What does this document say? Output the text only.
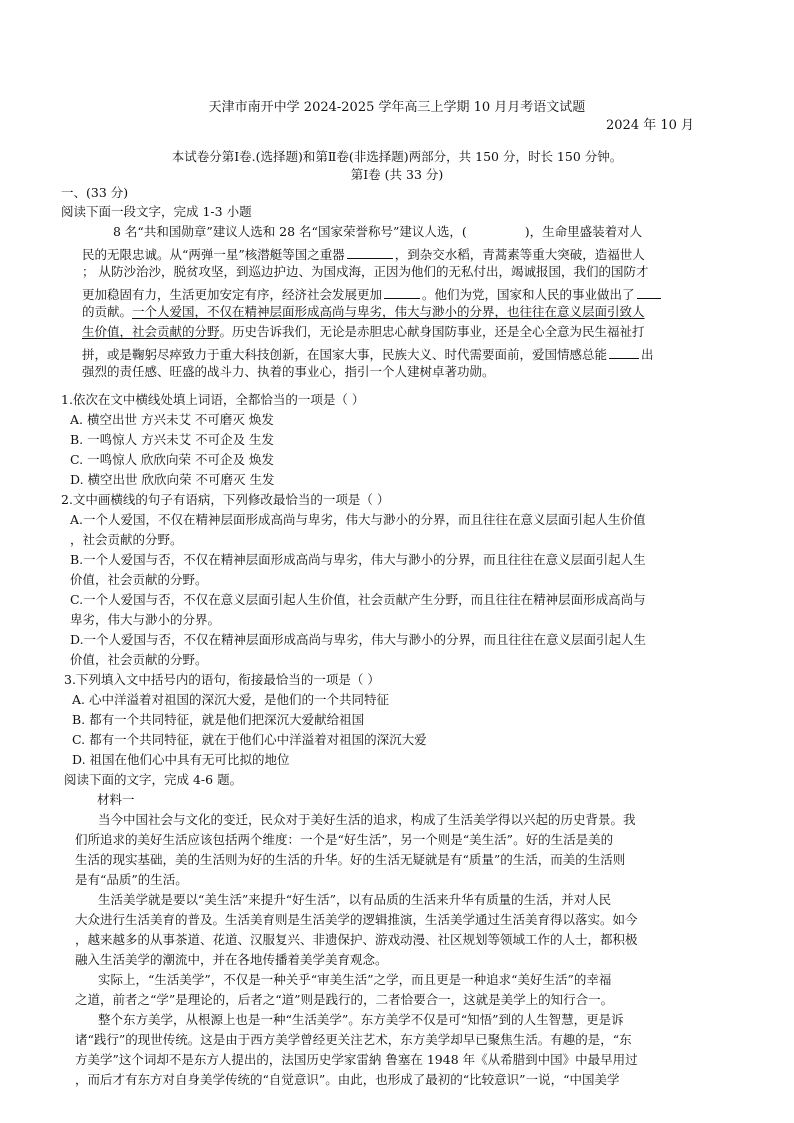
天津市南开中学 2024-2025 学年高三上学期 10 月月考语文试题
2024 年 10 月
本试卷分第Ⅰ卷.(选择题)和第Ⅱ卷(非选择题)两部分，共 150 分，时长 150 分钟。
第Ⅰ卷 (共 33 分)
一、(33 分)
阅读下面一段文字，完成 1-3 小题
8 名“共和国勋章”建议人选和 28 名“国家荣誉称号”建议人选，(	)，生命里盛装着对人
民的无限忠诚。从“两弹一星”核潜艇等国之重器	，到杂交水稻，青蒿素等重大突破，造福世人
； 从防沙治沙，脱贫攻坚，到巡边护边、为国戍海，正因为他们的无私付出，竭诚报国，我们的国防才
更加稳固有力，生活更加安定有序，经济社会发展更加	。他们为党，国家和人民的事业做出了
的贡献。一个人爱国，不仅在精神层面形成高尚与卑劣，伟大与渺小的分界，也往往在意义层面引致人
生价值，社会贡献的分野。历史告诉我们，无论是赤胆忠心献身国防事业，还是全心全意为民生福祉打
拼，或是鞠躬尽瘁致力于重大科技创新，在国家大事，民族大义、时代需要面前，爱国情感总能	出
强烈的责任感、旺盛的战斗力、执着的事业心，指引一个人建树卓著功勋。
1.依次在文中横线处填上词语，全都恰当的一项是（ ）
A. 横空出世 方兴未艾 不可磨灭 焕发
B. 一鸣惊人 方兴未艾 不可企及 生发
C. 一鸣惊人 欣欣向荣 不可企及 焕发
D. 横空出世 欣欣向荣 不可磨灭 生发
2.文中画横线的句子有语病，下列修改最恰当的一项是（ ）
A.一个人爱国，不仅在精神层面形成高尚与卑劣，伟大与渺小的分界，而且往往在意义层面引起人生价值
，社会贡献的分野。
B.一个人爱国与否，不仅在精神层面形成高尚与卑劣，伟大与渺小的分界，而且往往在意义层面引起人生
价值，社会贡献的分野。
C.一个人爱国与否，不仅在意义层面引起人生价值，社会贡献产生分野，而且往往在精神层面形成高尚与
卑劣，伟大与渺小的分界。
D.一个人爱国与否，不仅在精神层面形成高尚与卑劣，伟大与渺小的分界，而且往往在意义层面引起人生
价值，社会贡献的分野。
3.下列填入文中括号内的语句，衔接最恰当的一项是（ ）
A. 心中洋溢着对祖国的深沉大爱，是他们的一个共同特征
B. 都有一个共同特征，就是他们把深沉大爱献给祖国
C. 都有一个共同特征，就在于他们心中洋溢着对祖国的深沉大爱
D. 祖国在他们心中具有无可比拟的地位
阅读下面的文字，完成 4-6 题。
材料一
当今中国社会与文化的变迁，民众对于美好生活的追求，构成了生活美学得以兴起的历史背景。我
们所追求的美好生活应该包括两个维度：一个是“好生活”，另一个则是“美生活”。好的生活是美的
生活的现实基础，美的生活则为好的生活的升华。好的生活无疑就是有“质量”的生活，而美的生活则
是有“品质”的生活。
生活美学就是要以“美生活”来提升“好生活”，以有品质的生活来升华有质量的生活，并对人民
大众进行生活美育的普及。生活美育则是生活美学的逻辑推演，生活美学通过生活美育得以落实。如今
，越来越多的从事茶道、花道、汉服复兴、非遗保护、游戏动漫、社区规划等领域工作的人士，都积极
融入生活美学的潮流中，并在各地传播着美学美育观念。
实际上，“生活美学”，不仅是一种关乎“审美生活”之学，而且更是一种追求“美好生活”的幸福
之道，前者之“学”是理论的，后者之“道”则是践行的，二者恰要合一，这就是美学上的知行合一。
整个东方美学，从根源上也是一种“生活美学”。东方美学不仅是可“知悟”到的人生智慧，更是诉
诸“践行”的现世传统。这是由于西方美学曾经更关注艺术，东方美学却早已聚焦生活。有趣的是，“东
方美学”这个词却不是东方人提出的，法国历史学家雷納 鲁塞在 1948 年《从希腊到中国》中最早用过
，而后才有东方对自身美学传统的“自觉意识”。由此，也形成了最初的“比较意识”一说，“中国美学
